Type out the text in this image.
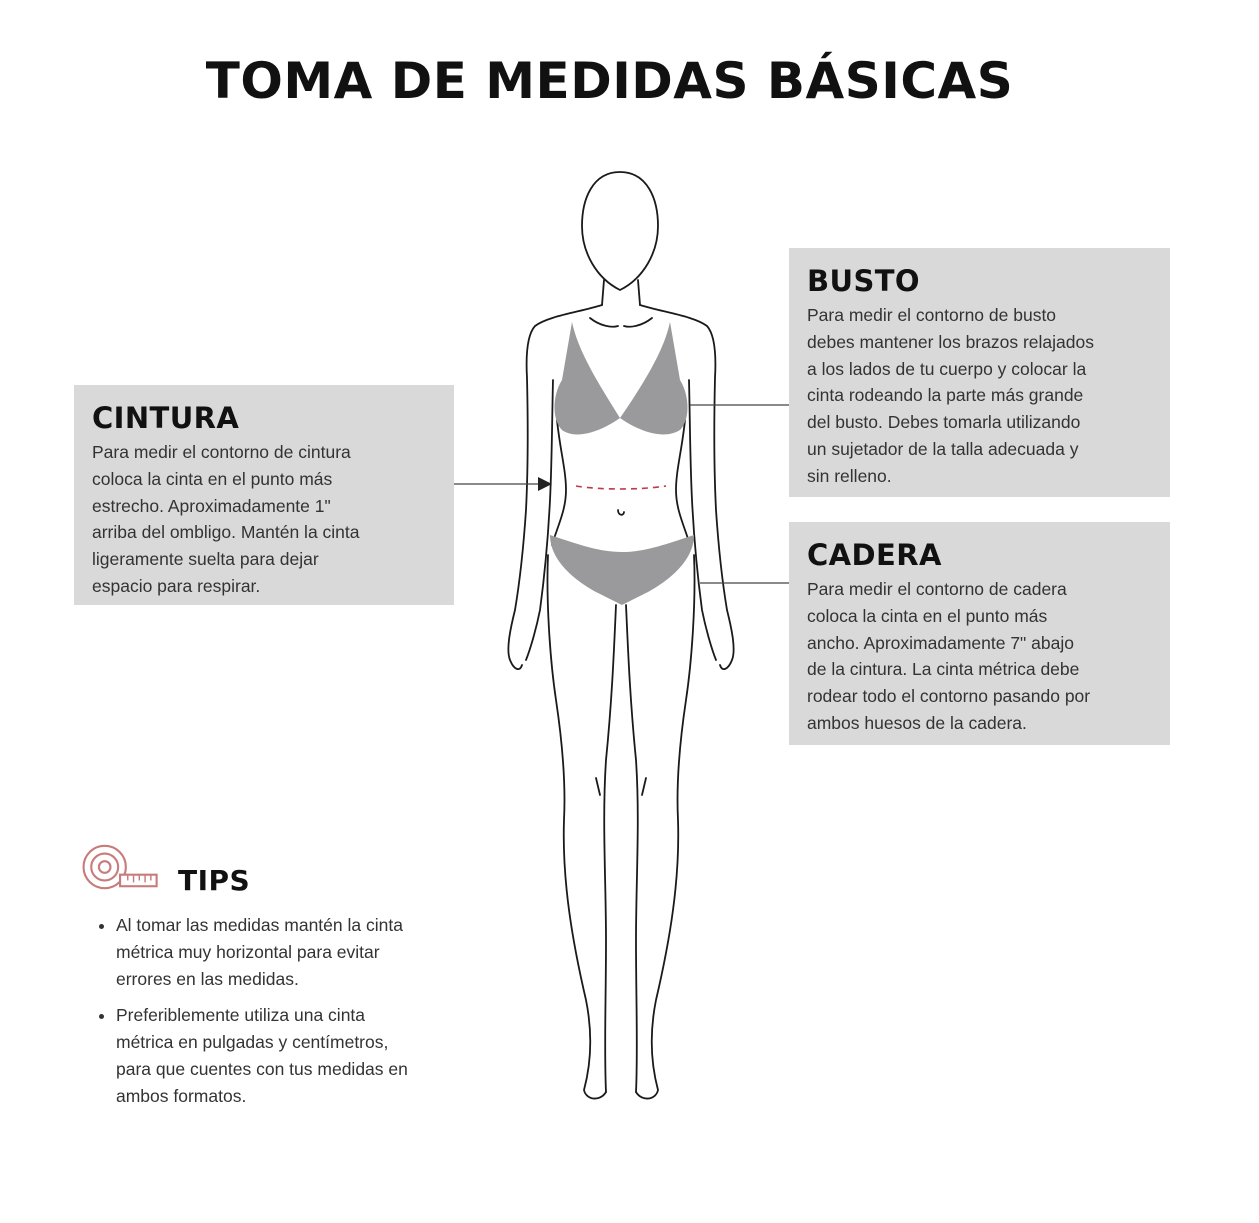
TOMA DE MEDIDAS BÁSICAS
CINTURA

Para medir el contorno de cintura
coloca la cinta en el punto más
estrecho. Aproximadamente 1"
arriba del ombligo. Mantén la cinta
ligeramente suelta para dejar
espacio para respirar.

BUSTO

Para medir el contorno de busto
debes mantener los brazos relajados
a los lados de tu cuerpo y colocar la
cinta rodeando la parte más grande
del busto. Debes tomarla utilizando
un sujetador de la talla adecuada y
sin relleno.

CADERA

Para medir el contorno de cadera
coloca la cinta en el punto más
ancho. Aproximadamente 7" abajo
de la cintura. La cinta métrica debe
rodear todo el contorno pasando por
ambos huesos de la cadera.

TIPS
• Al tomar las medidas mantén la cinta
métrica muy horizontal para evitar
errores en las medidas.
• Preferiblemente utiliza una cinta
métrica en pulgadas y centímetros,
para que cuentes con tus medidas en
ambos formatos.
